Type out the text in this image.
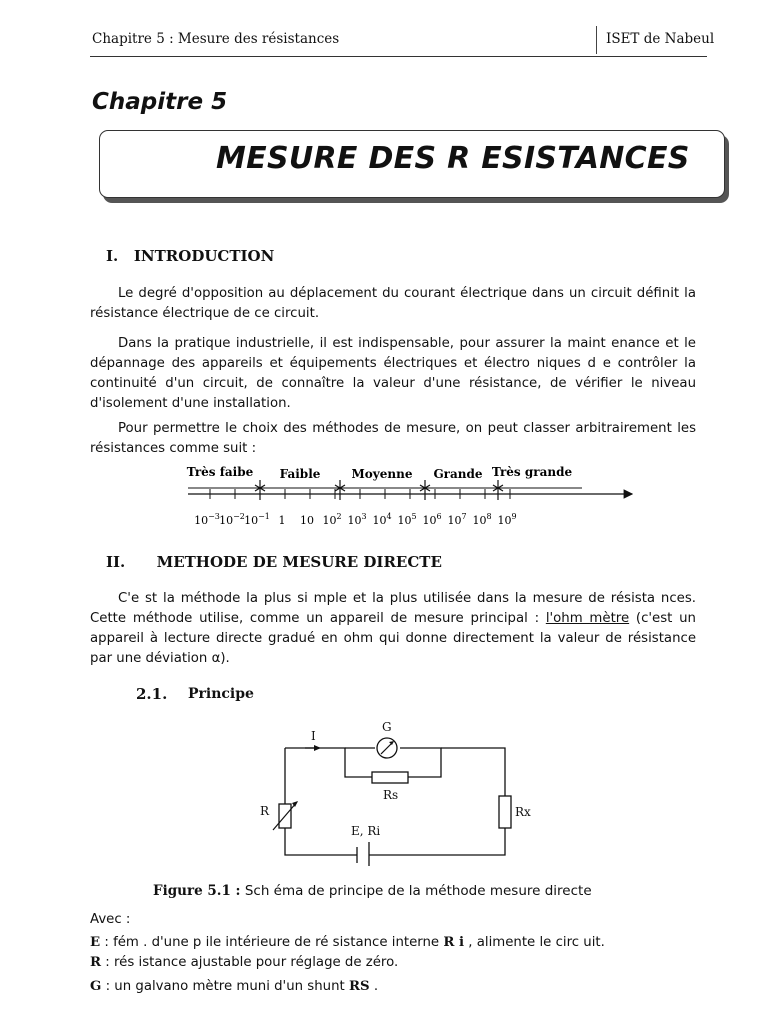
Chapitre 5 : Mesure des résistances	ISET de Nabeul
Chapitre 5
MESURE DES R ESISTANCES
I.   INTRODUCTION

Le degré d'opposition au déplacement du courant électrique dans un circuit définit la résistance électrique de ce circuit.

Dans la pratique industrielle, il est indispensable, pour assurer la maint enance et le dépannage des appareils et équipements électriques et électro niques d e contrôler la continuité d'un circuit, de connaître la valeur d'une résistance, de vérifier le niveau d'isolement d'une installation.

Pour permettre le choix des méthodes de mesure, on peut classer arbitrairement les résistances comme suit :

Très faibe Faible	Moyenne Grande Très grande
$10^{-3}$ $10^{-2}$ $10^{-1}$ 1 10 $10^2$ $10^3$ $10^4$ $10^5$ $10^6$ $10^7$ $10^8$ $10^9$
II.      METHODE DE MESURE DIRECTE

C'e st la méthode la plus si mple et la plus utilisée dans la mesure de résista nces. Cette méthode utilise, comme un appareil de mesure principal : l'ohm mètre (c'est un appareil à lecture directe gradué en ohm qui donne directement la valeur de résistance par une déviation α).

2.1. Principe
I
G
Rs
R	Rx
E, Ri
Figure 5.1 : Sch éma de principe de la méthode mesure directe
Avec :
E : fém . d'une p ile intérieure de ré sistance interne R i , alimente le circ uit.
R : rés istance ajustable pour réglage de zéro.
G : un galvano mètre muni d'un shunt RS .
